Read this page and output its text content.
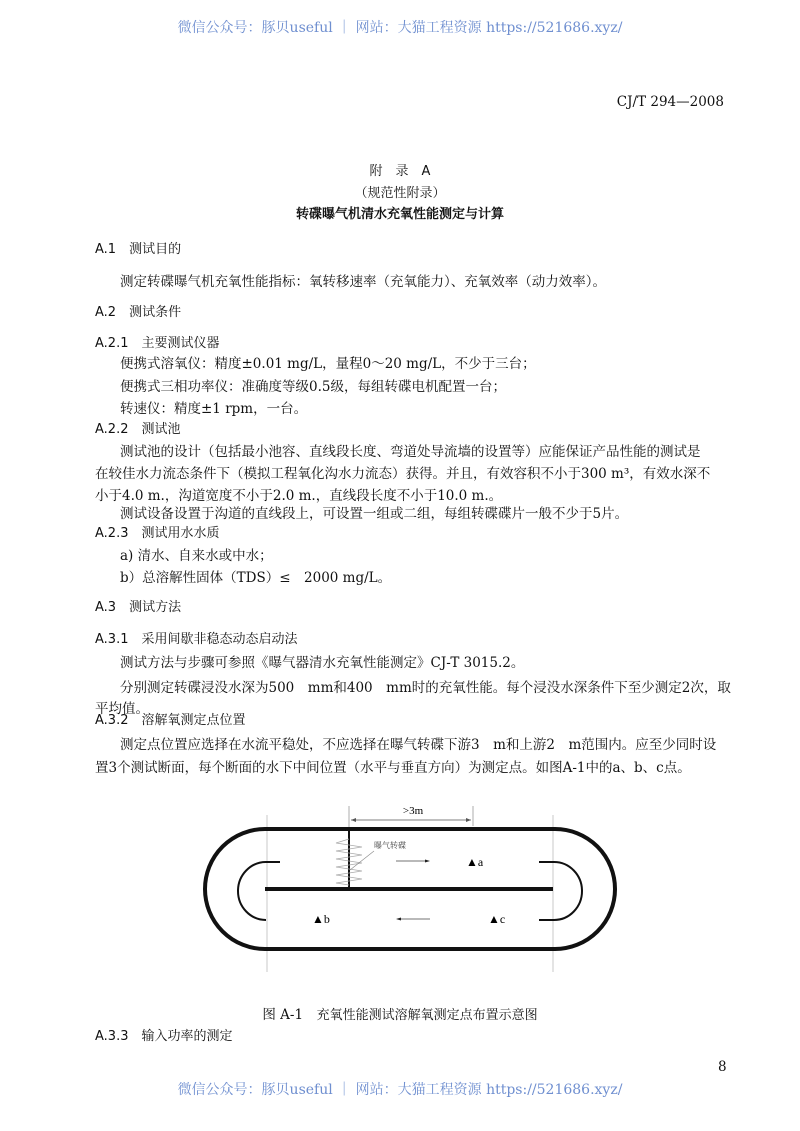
微信公众号：豚贝useful ｜ 网站：大猫工程资源 https://521686.xyz/
CJ/T 294—2008
附　录　A
（规范性附录）
转碟曝气机清水充氧性能测定与计算
A.1　测试目的
测定转碟曝气机充氧性能指标：氧转移速率（充氧能力）、充氧效率（动力效率）。
A.2　测试条件
A.2.1　主要测试仪器
便携式溶氧仪：精度±0.01 mg/L，量程0～20 mg/L，不少于三台；
便携式三相功率仪：准确度等级0.5级，每组转碟电机配置一台；
转速仪：精度±1 rpm，一台。
A.2.2　测试池
测试池的设计（包括最小池容、直线段长度、弯道处导流墙的设置等）应能保证产品性能的测试是
在较佳水力流态条件下（模拟工程氧化沟水力流态）获得。并且，有效容积不小于300 m³，有效水深不
小于4.0 m.，沟道宽度不小于2.0 m.，直线段长度不小于10.0 m.。
测试设备设置于沟道的直线段上，可设置一组或二组，每组转碟碟片一般不少于5片。
A.2.3　测试用水水质
a) 清水、自来水或中水；
b）总溶解性固体（TDS）≤　2000 mg/L。
A.3　测试方法
A.3.1　采用间歇非稳态动态启动法
测试方法与步骤可参照《曝气器清水充氧性能测定》CJ-T 3015.2。
分别测定转碟浸没水深为500　mm和400　mm时的充氧性能。每个浸没水深条件下至少测定2次，取
平均值。
A.3.2　溶解氧测定点位置
测定点位置应选择在水流平稳处，不应选择在曝气转碟下游3　m和上游2　m范围内。应至少同时设
置3个测试断面，每个断面的水下中间位置（水平与垂直方向）为测定点。如图A-1中的a、b、c点。
>3m
曝气转碟
▲a
▲b	▲c
图 A-1　 充氧性能测试溶解氧测定点布置示意图
A.3.3　输入功率的测定
8
微信公众号：豚贝useful ｜ 网站：大猫工程资源 https://521686.xyz/
